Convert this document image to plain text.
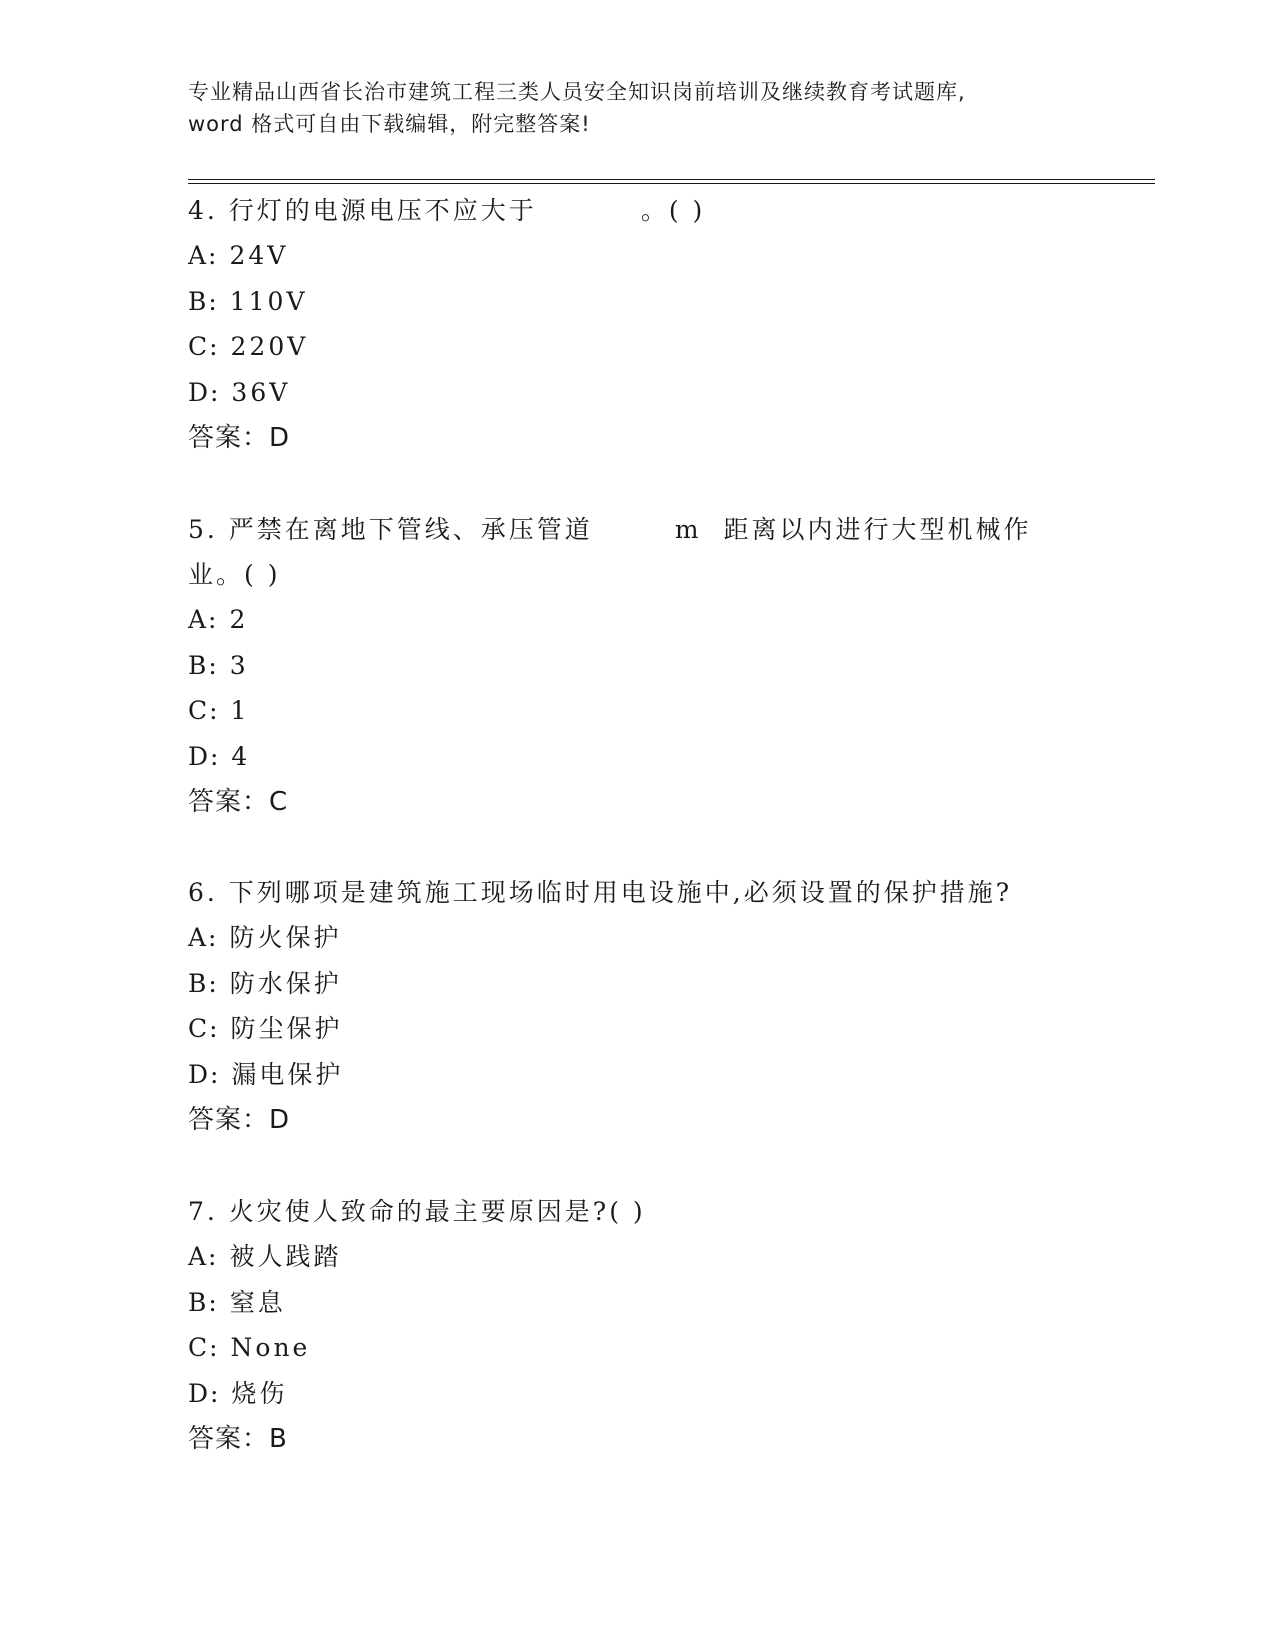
专业精品山西省长治市建筑工程三类人员安全知识岗前培训及继续教育考试题库,
word 格式可自由下载编辑，附完整答案!
4. 行灯的电源电压不应大于	。( )
A: 24V
B: 110V
C: 220V
D: 36V
答案：D
5. 严禁在离地下管线、承压管道	m 距离以内进行大型机械作
业。( )
A: 2
B: 3
C: 1
D: 4
答案：C
6. 下列哪项是建筑施工现场临时用电设施中,必须设置的保护措施?
A: 防火保护
B: 防水保护
C: 防尘保护
D: 漏电保护
答案：D
7. 火灾使人致命的最主要原因是?( )
A: 被人践踏
B: 窒息
C: None
D: 烧伤
答案：B
